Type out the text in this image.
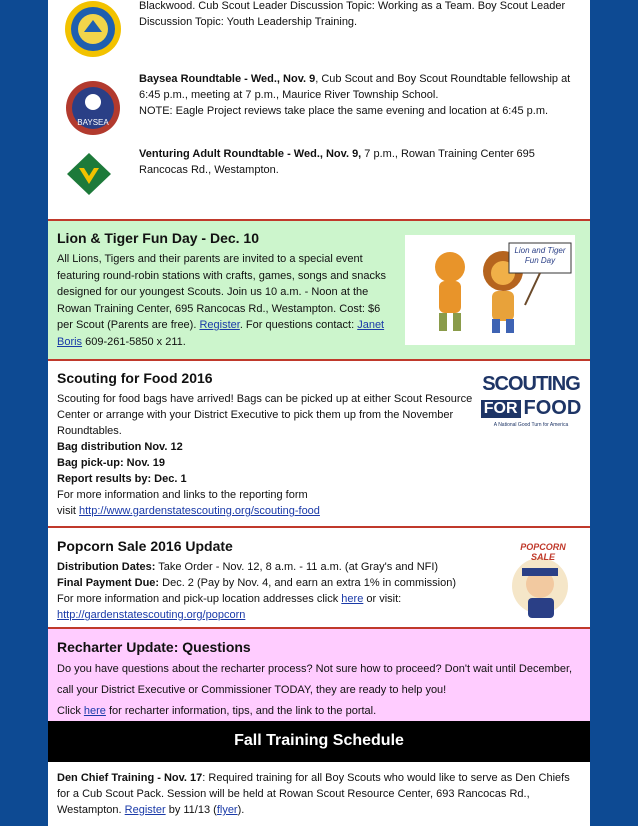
Blackwood. Cub Scout Leader Discussion Topic: Working as a Team. Boy Scout Leader Discussion Topic: Youth Leadership Training.

BAYSEA

Baysea Roundtable - Wed., Nov. 9, Cub Scout and Boy Scout Roundtable fellowship at 6:45 p.m., meeting at 7 p.m., Maurice River Township School.
NOTE: Eagle Project reviews take place the same evening and location at 6:45 p.m.

Venturing Adult Roundtable - Wed., Nov. 9, 7 p.m., Rowan Training Center 695 Rancocas Rd., Westampton.

Lion & Tiger Fun Day - Dec. 10

All Lions, Tigers and their parents are invited to a special event featuring round-robin stations with crafts, games, songs and snacks designed for our youngest Scouts. Join us 10 a.m. - Noon at the Rowan Training Center, 695 Rancocas Rd., Westampton. Cost: $6 per Scout (Parents are free). Register. For questions contact: Janet Boris 609-261-5850 x 211.

Lion and Tiger Fun Day

Scouting for Food 2016

Scouting for food bags have arrived! Bags can be picked up at either Scout Resource Center or arrange with your District Executive to pick them up from the November Roundtables.

Bag distribution Nov. 12

Bag pick-up: Nov. 19

Report results by: Dec. 1

For more information and links to the reporting form

visit http://www.gardenstatescouting.org/scouting-food

SCOUTING
FOR FOOD
A National Good Turn for America

Popcorn Sale 2016 Update

Distribution Dates: Take Order - Nov. 12, 8 a.m. - 11 a.m. (at Gray's and NFI)

Final Payment Due: Dec. 2 (Pay by Nov. 4, and earn an extra 1% in commission)

For more information and pick-up location addresses click here or visit:

http://gardenstatescouting.org/popcorn

POPCORN SALE

Recharter Update: Questions

Do you have questions about the recharter process? Not sure how to proceed? Don't wait until December, call your District Executive or Commissioner TODAY, they are ready to help you!

Click here for recharter information, tips, and the link to the portal.

Fall Training Schedule

Den Chief Training - Nov. 17: Required training for all Boy Scouts who would like to serve as Den Chiefs for a Cub Scout Pack. Session will be held at Rowan Scout Resource Center, 693 Rancocas Rd., Westampton. Register by 11/13 (flyer).
